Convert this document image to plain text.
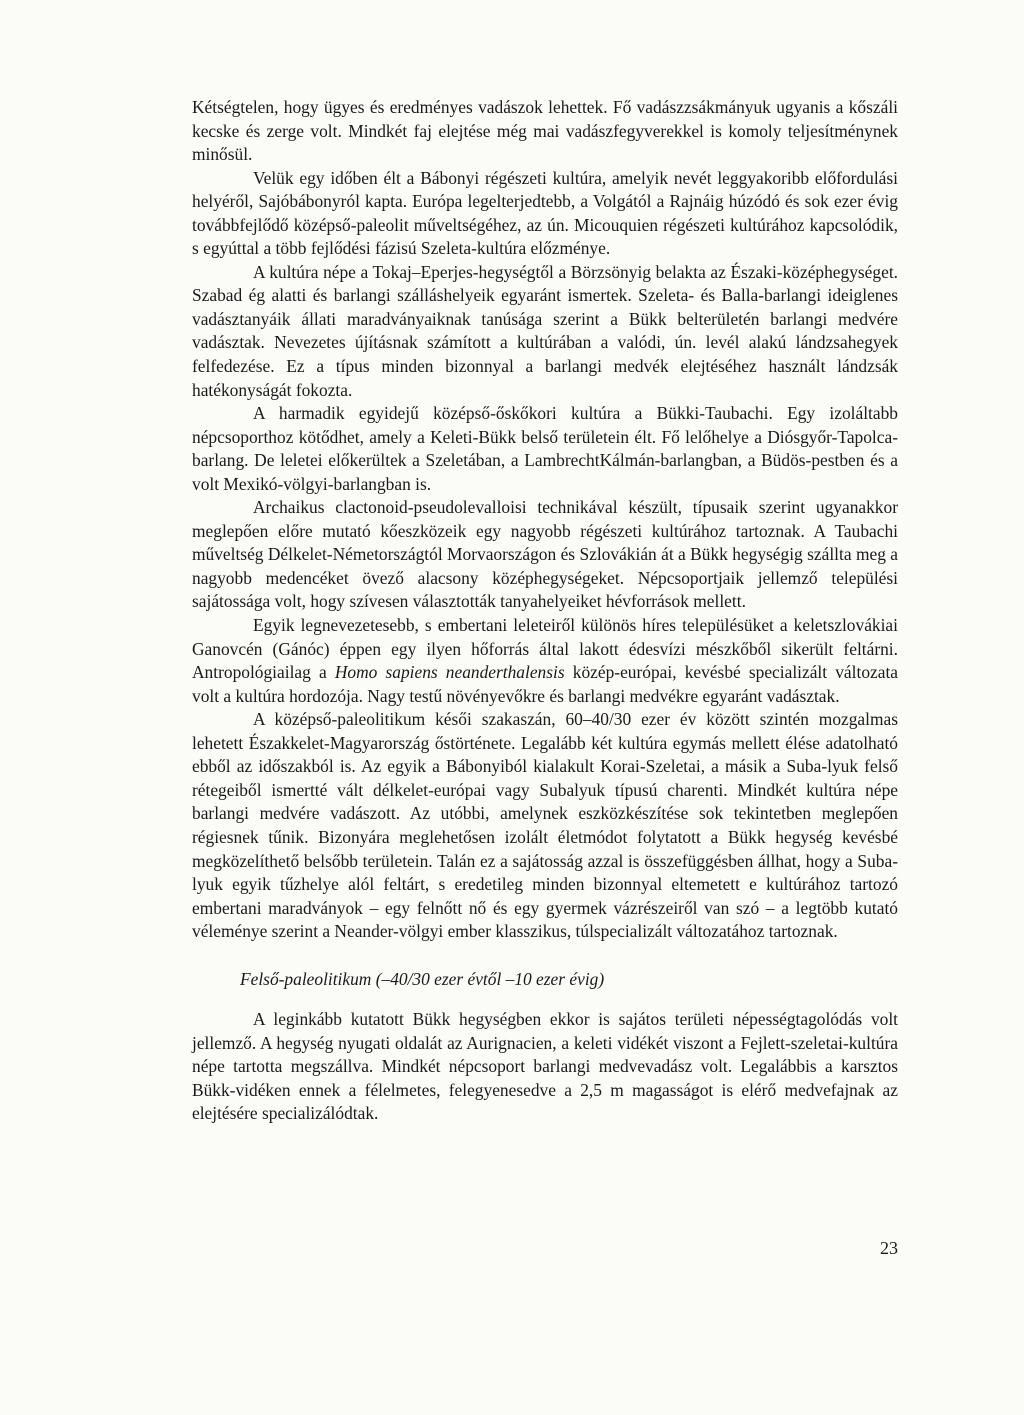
Kétségtelen, hogy ügyes és eredményes vadászok lehettek. Fő vadászzsákmányuk ugyanis a kőszáli kecske és zerge volt. Mindkét faj elejtése még mai vadászfegyverekkel is komoly teljesítménynek minősül.

Velük egy időben élt a Bábonyi régészeti kultúra, amelyik nevét leggyakoribb előfordulási helyéről, Sajóbábonyról kapta. Európa legelterjedtebb, a Volgától a Rajnáig húzódó és sok ezer évig továbbfejlődő középső-paleolit műveltségéhez, az ún. Micouquien régészeti kultúrához kapcsolódik, s egyúttal a több fejlődési fázisú Szeleta-kultúra előzménye.

A kultúra népe a Tokaj–Eperjes-hegységtől a Börzsönyig belakta az Északi-középhegységet. Szabad ég alatti és barlangi szálláshelyeik egyaránt ismertek. Szeleta- és Balla-barlangi ideiglenes vadásztanyáik állati maradványaiknak tanúsága szerint a Bükk belterületén barlangi medvére vadásztak. Nevezetes újításnak számított a kultúrában a valódi, ún. levél alakú lándzsahegyek felfedezése. Ez a típus minden bizonnyal a barlangi medvék elejtéséhez használt lándzsák hatékonyságát fokozta.

A harmadik egyidejű középső-őskőkori kultúra a Bükki-Taubachi. Egy izoláltabb népcsoporthoz kötődhet, amely a Keleti-Bükk belső területein élt. Fő lelőhelye a Diósgyőr-Tapolca-barlang. De leletei előkerültek a Szeletában, a LambrechtKálmán-barlangban, a Büdös-pestben és a volt Mexikó-völgyi-barlangban is.

Archaikus clactonoid-pseudolevalloisi technikával készült, típusaik szerint ugyanakkor meglepően előre mutató kőeszközeik egy nagyobb régészeti kultúrához tartoznak. A Taubachi műveltség Délkelet-Németországtól Morvaországon és Szlovákián át a Bükk hegységig szállta meg a nagyobb medencéket övező alacsony középhegységeket. Népcsoportjaik jellemző települési sajátossága volt, hogy szívesen választották tanyahelyeiket hévforrások mellett.

Egyik legnevezetesebb, s embertani leleteiről különös híres településüket a keletszlovákiai Ganovcén (Gánóc) éppen egy ilyen hőforrás által lakott édesvízi mészkőből sikerült feltárni. Antropológiailag a Homo sapiens neanderthalensis közép-európai, kevésbé specializált változata volt a kultúra hordozója. Nagy testű növényevőkre és barlangi medvékre egyaránt vadásztak.

A középső-paleolitikum késői szakaszán, 60–40/30 ezer év között szintén mozgalmas lehetett Északkelet-Magyarország őstörténete. Legalább két kultúra egymás mellett élése adatolható ebből az időszakból is. Az egyik a Bábonyiból kialakult Korai-Szeletai, a másik a Suba-lyuk felső rétegeiből ismertté vált délkelet-európai vagy Subalyuk típusú charenti. Mindkét kultúra népe barlangi medvére vadászott. Az utóbbi, amelynek eszközkészítése sok tekintetben meglepően régiesnek tűnik. Bizonyára meglehetősen izolált életmódot folytatott a Bükk hegység kevésbé megközelíthető belsőbb területein. Talán ez a sajátosság azzal is összefüggésben állhat, hogy a Suba-lyuk egyik tűzhelye alól feltárt, s eredetileg minden bizonnyal eltemetett e kultúrához tartozó embertani maradványok – egy felnőtt nő és egy gyermek vázrészeiről van szó – a legtöbb kutató véleménye szerint a Neander-völgyi ember klasszikus, túlspecializált változatához tartoznak.

Felső-paleolitikum (–40/30 ezer évtől –10 ezer évig)

A leginkább kutatott Bükk hegységben ekkor is sajátos területi népességtagolódás volt jellemző. A hegység nyugati oldalát az Aurignacien, a keleti vidékét viszont a Fejlett-szeletai-kultúra népe tartotta megszállva. Mindkét népcsoport barlangi medvevadász volt. Legalábbis a karsztos Bükk-vidéken ennek a félelmetes, felegyenesedve a 2,5 m magasságot is elérő medvefajnak az elejtésére specializálódtak.

23
